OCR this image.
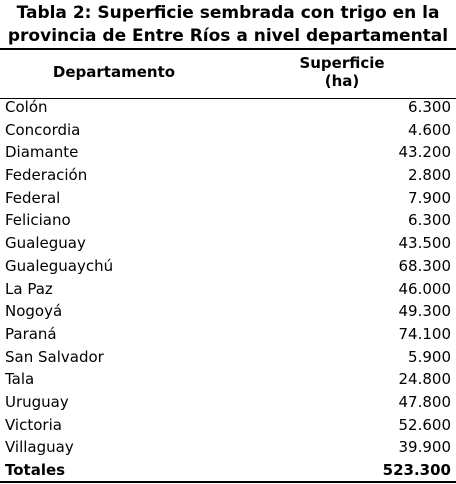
Tabla 2: Superficie sembrada con trigo en la
provincia de Entre Ríos a nivel departamental
Departamento	Superficie
(ha)
Colón	6.300
Concordia	4.600
Diamante	43.200
Federación	2.800
Federal	7.900
Feliciano	6.300
Gualeguay	43.500
Gualeguaychú	68.300
La Paz	46.000
Nogoyá	49.300
Paraná	74.100
San Salvador	5.900
Tala	24.800
Uruguay	47.800
Victoria	52.600
Villaguay	39.900
Totales	523.300
